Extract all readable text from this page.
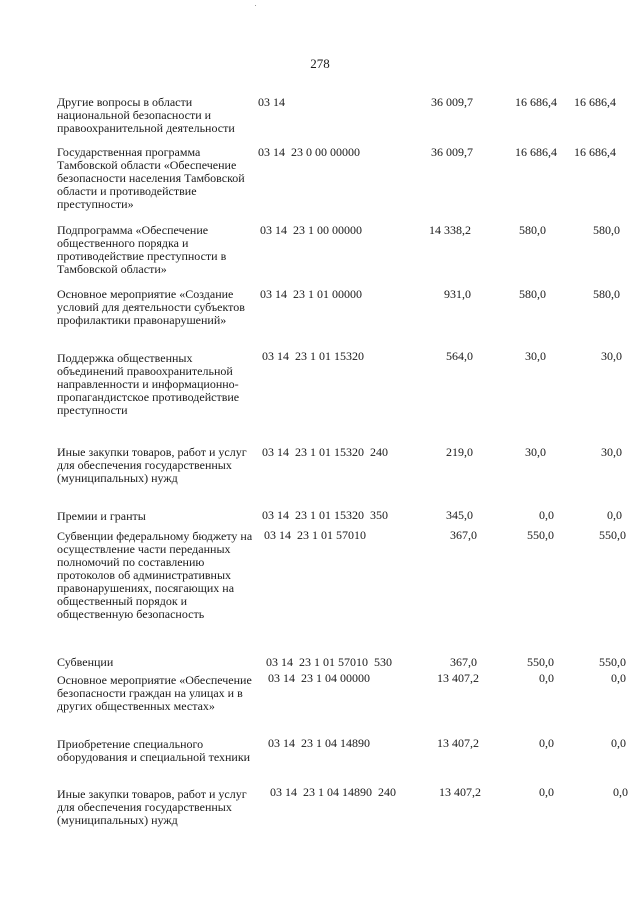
278
Другие вопросы в области национальной безопасности и правоохранительной деятельности
03 14	36 009,7	16 686,4 16 686,4
Государственная программа Тамбовской области «Обеспечение безопасности населения Тамбовской области и противодействие преступности»
03 14  23 0 00 00000	36 009,7	16 686,4 16 686,4
Подпрограмма «Обеспечение общественного порядка и противодействие преступности в Тамбовской области»
03 14  23 1 00 00000	14 338,2	580,0	580,0
Основное мероприятие «Создание условий для деятельности субъектов профилактики правонарушений»
03 14  23 1 01 00000	931,0	580,0	580,0
Поддержка общественных объединений правоохранительной направленности и информационно-пропагандистское противодействие преступности
03 14  23 1 01 15320	564,0	30,0	30,0
Иные закупки товаров, работ и услуг для обеспечения государственных (муниципальных) нужд
03 14  23 1 01 15320  240	219,0	30,0	30,0
Премии и гранты	03 14  23 1 01 15320  350	345,0	0,0	0,0
Субвенции федеральному бюджету на осуществление части переданных полномочий по составлению протоколов об административных правонарушениях, посягающих на общественный порядок и общественную безопасность
03 14  23 1 01 57010	367,0	550,0	550,0
Субвенции	03 14  23 1 01 57010  530	367,0	550,0	550,0
Основное мероприятие «Обеспечение безопасности граждан на улицах и в других общественных местах»
03 14  23 1 04 00000	13 407,2	0,0	0,0
Приобретение специального оборудования и специальной техники
03 14  23 1 04 14890	13 407,2	0,0	0,0
Иные закупки товаров, работ и услуг для обеспечения государственных (муниципальных) нужд
03 14  23 1 04 14890  240	13 407,2	0,0	0,0
